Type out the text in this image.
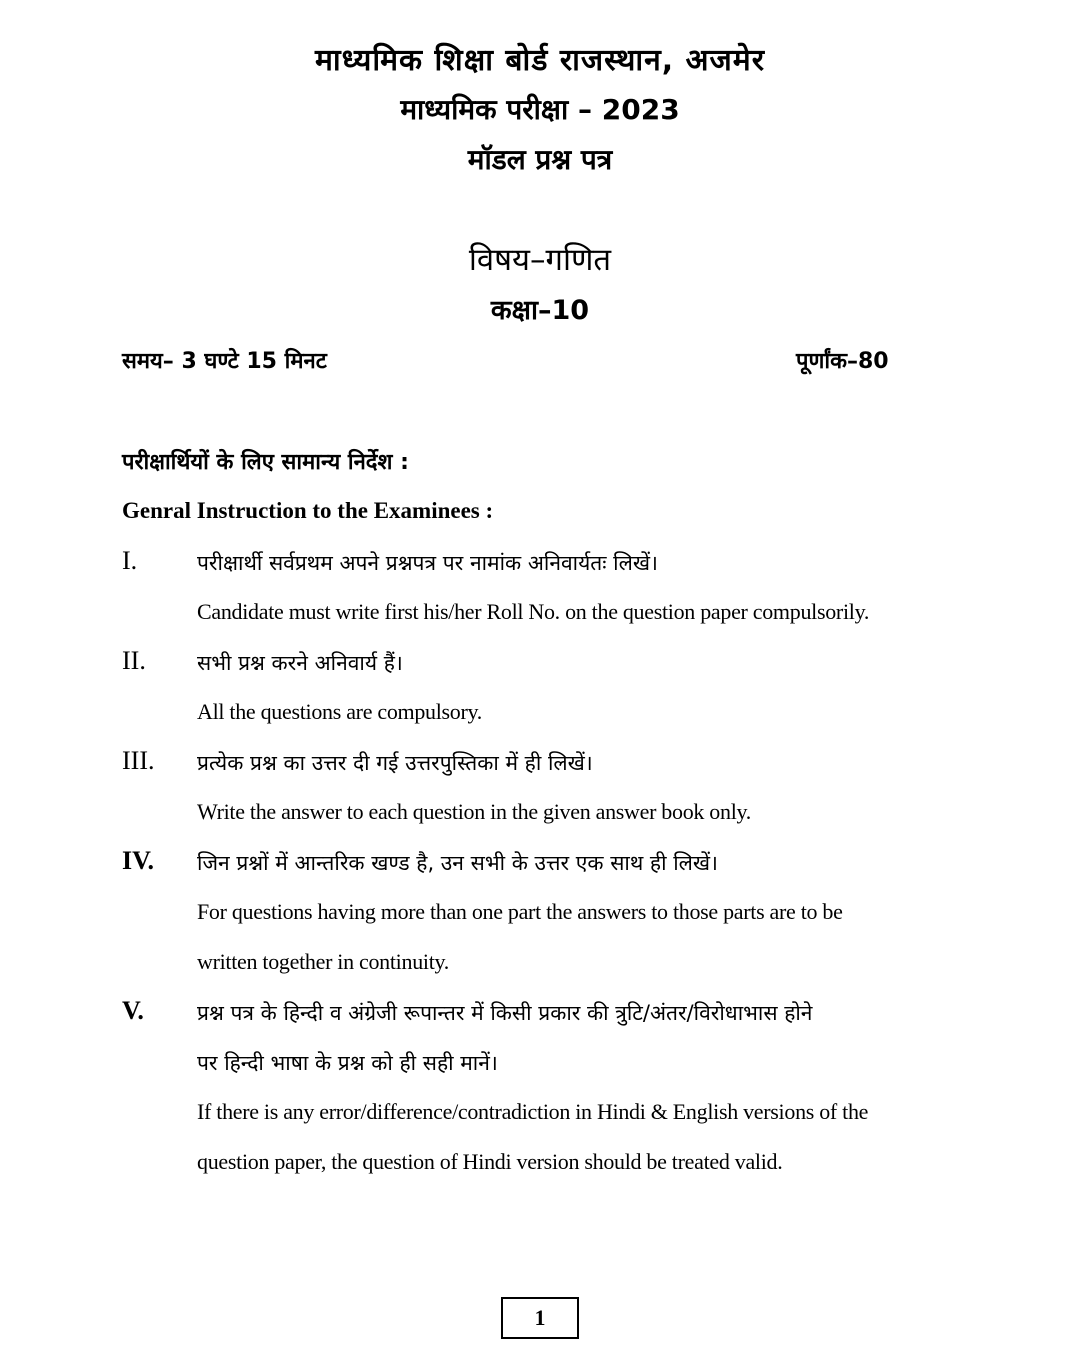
माध्यमिक शिक्षा बोर्ड राजस्थान, अजमेर
माध्यमिक परीक्षा – 2023
मॉडल प्रश्न पत्र
विषय–गणित
कक्षा–10
समय– 3 घण्टे 15 मिनट	पूर्णांक–80
परीक्षार्थियों के लिए सामान्य निर्देश :
Genral Instruction to the Examinees :
I.	परीक्षार्थी सर्वप्रथम अपने प्रश्नपत्र पर नामांक अनिवार्यतः लिखें।
Candidate must write first his/her Roll No. on the question paper compulsorily.
II. सभी प्रश्न करने अनिवार्य हैं।
All the questions are compulsory.
III. प्रत्येक प्रश्न का उत्तर दी गई उत्तरपुस्तिका में ही लिखें।
Write the answer to each question in the given answer book only.
IV. जिन प्रश्नों में आन्तरिक खण्ड है, उन सभी के उत्तर एक साथ ही लिखें।
For questions having more than one part the answers to those parts are to be
written together in continuity.
V.	प्रश्न पत्र के हिन्दी व अंग्रेजी रूपान्तर में किसी प्रकार की त्रुटि/अंतर/विरोधाभास होने
पर हिन्दी भाषा के प्रश्न को ही सही मानें।
If there is any error/difference/contradiction in Hindi & English versions of the
question paper, the question of Hindi version should be treated valid.
1
